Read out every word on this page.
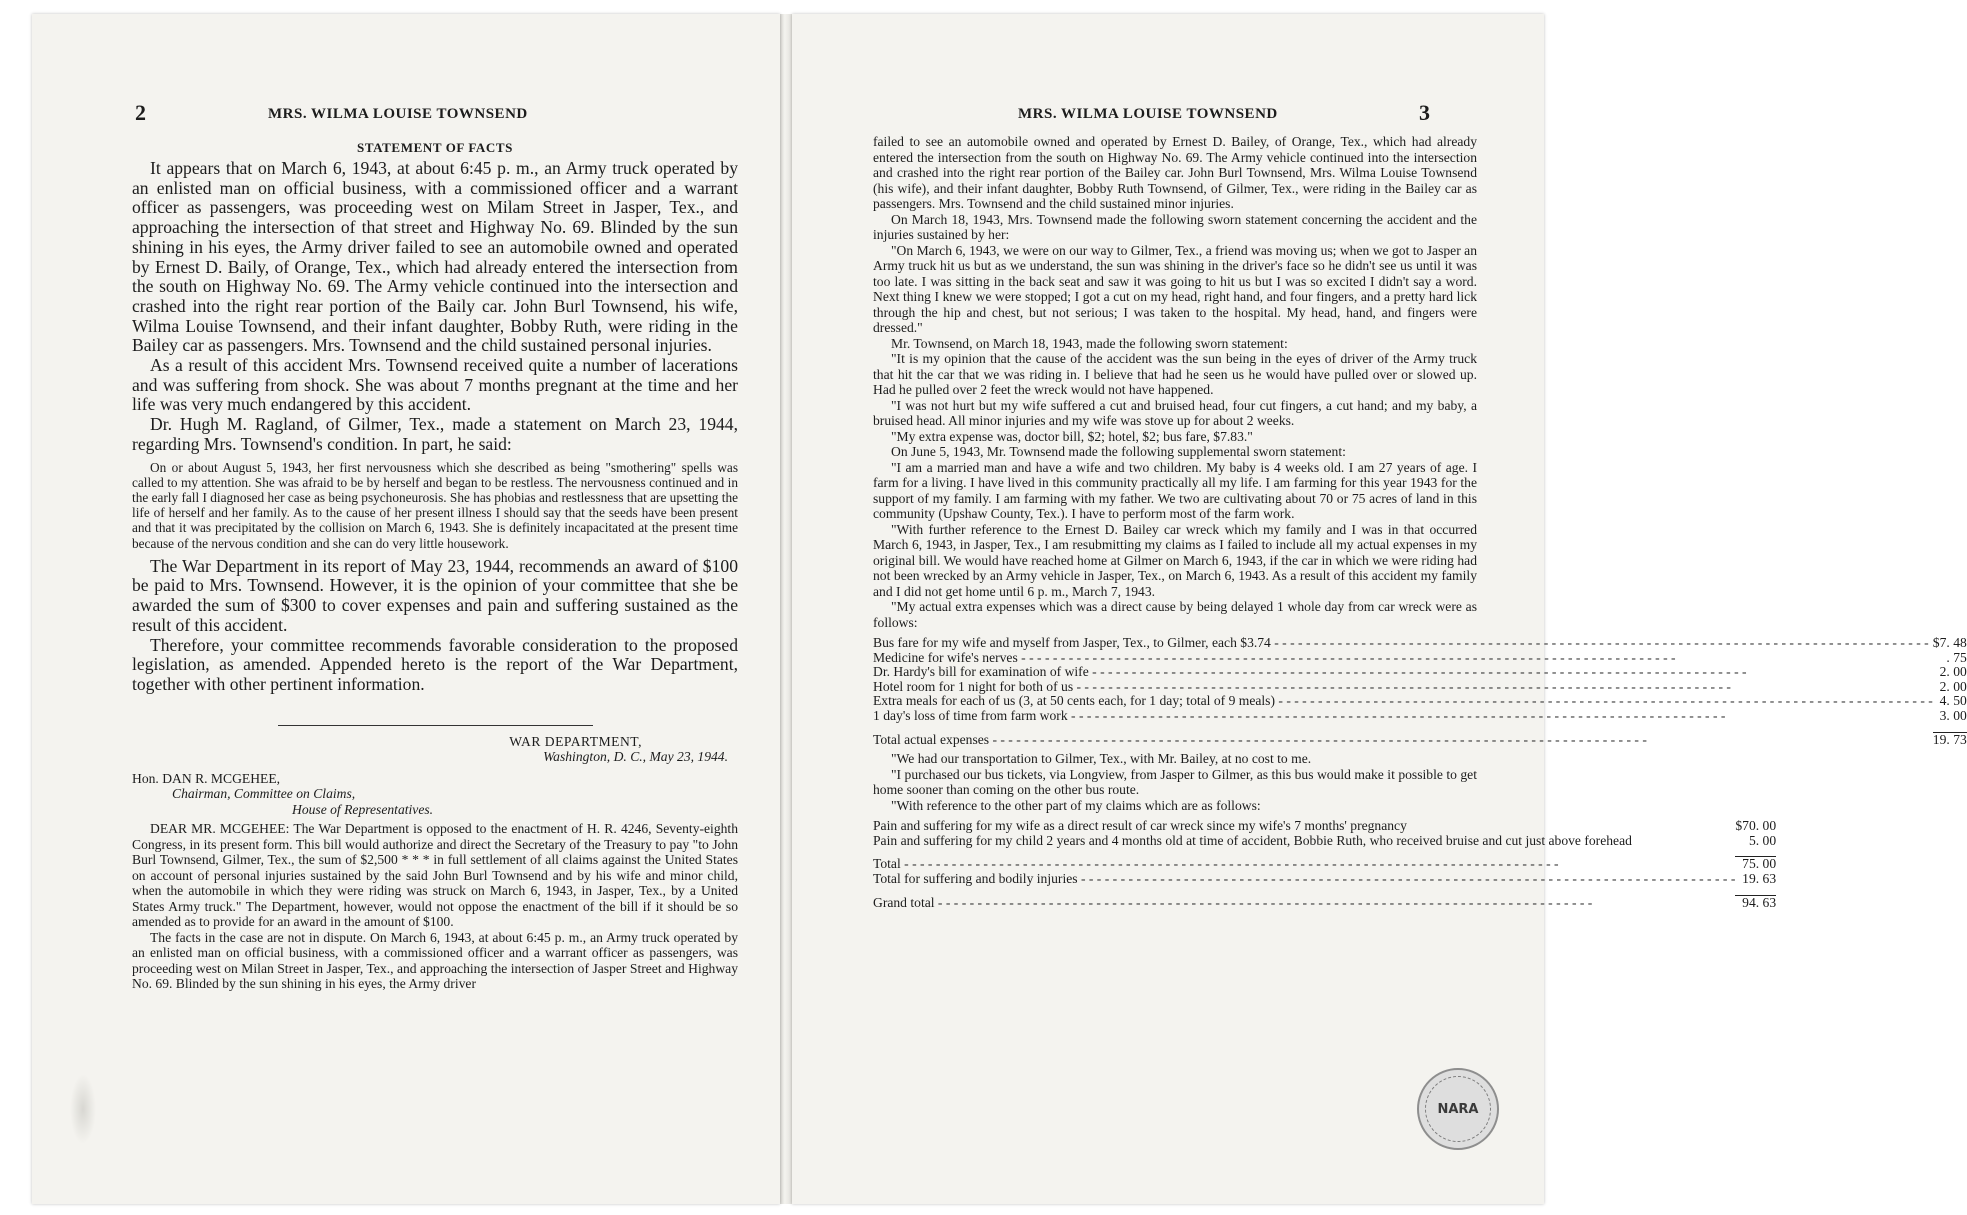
2	MRS. WILMA LOUISE TOWNSEND
STATEMENT OF FACTS

It appears that on March 6, 1943, at about 6:45 p. m., an Army truck operated by an enlisted man on official business, with a commissioned officer and a warrant officer as passengers, was proceeding west on Milam Street in Jasper, Tex., and approaching the intersection of that street and Highway No. 69. Blinded by the sun shining in his eyes, the Army driver failed to see an automobile owned and operated by Ernest D. Baily, of Orange, Tex., which had already entered the intersection from the south on Highway No. 69. The Army vehicle continued into the intersection and crashed into the right rear portion of the Baily car. John Burl Townsend, his wife, Wilma Louise Townsend, and their infant daughter, Bobby Ruth, were riding in the Bailey car as passengers. Mrs. Townsend and the child sustained personal injuries.

As a result of this accident Mrs. Townsend received quite a number of lacerations and was suffering from shock. She was about 7 months pregnant at the time and her life was very much endangered by this accident.

Dr. Hugh M. Ragland, of Gilmer, Tex., made a statement on March 23, 1944, regarding Mrs. Townsend's condition. In part, he said:

On or about August 5, 1943, her first nervousness which she described as being "smothering" spells was called to my attention. She was afraid to be by herself and began to be restless. The nervousness continued and in the early fall I diagnosed her case as being psychoneurosis. She has phobias and restlessness that are upsetting the life of herself and her family. As to the cause of her present illness I should say that the seeds have been present and that it was precipitated by the collision on March 6, 1943. She is definitely incapacitated at the present time because of the nervous condition and she can do very little housework.

The War Department in its report of May 23, 1944, recommends an award of $100 be paid to Mrs. Townsend. However, it is the opinion of your committee that she be awarded the sum of $300 to cover expenses and pain and suffering sustained as the result of this accident.

Therefore, your committee recommends favorable consideration to the proposed legislation, as amended. Appended hereto is the report of the War Department, together with other pertinent information.

WAR DEPARTMENT,
Washington, D. C., May 23, 1944.
Hon. DAN R. MCGEHEE,
Chairman, Committee on Claims,
House of Representatives.

DEAR MR. MCGEHEE: The War Department is opposed to the enactment of H. R. 4246, Seventy-eighth Congress, in its present form. This bill would authorize and direct the Secretary of the Treasury to pay "to John Burl Townsend, Gilmer, Tex., the sum of $2,500 * * * in full settlement of all claims against the United States on account of personal injuries sustained by the said John Burl Townsend and by his wife and minor child, when the automobile in which they were riding was struck on March 6, 1943, in Jasper, Tex., by a United States Army truck." The Department, however, would not oppose the enactment of the bill if it should be so amended as to provide for an award in the amount of $100.

The facts in the case are not in dispute. On March 6, 1943, at about 6:45 p. m., an Army truck operated by an enlisted man on official business, with a commissioned officer and a warrant officer as passengers, was proceeding west on Milan Street in Jasper, Tex., and approaching the intersection of Jasper Street and Highway No. 69. Blinded by the sun shining in his eyes, the Army driver

MRS. WILMA LOUISE TOWNSEND	3

failed to see an automobile owned and operated by Ernest D. Bailey, of Orange, Tex., which had already entered the intersection from the south on Highway No. 69. The Army vehicle continued into the intersection and crashed into the right rear portion of the Bailey car. John Burl Townsend, Mrs. Wilma Louise Townsend (his wife), and their infant daughter, Bobby Ruth Townsend, of Gilmer, Tex., were riding in the Bailey car as passengers. Mrs. Townsend and the child sustained minor injuries.

On March 18, 1943, Mrs. Townsend made the following sworn statement concerning the accident and the injuries sustained by her:

"On March 6, 1943, we were on our way to Gilmer, Tex., a friend was moving us; when we got to Jasper an Army truck hit us but as we understand, the sun was shining in the driver's face so he didn't see us until it was too late. I was sitting in the back seat and saw it was going to hit us but I was so excited I didn't say a word. Next thing I knew we were stopped; I got a cut on my head, right hand, and four fingers, and a pretty hard lick through the hip and chest, but not serious; I was taken to the hospital. My head, hand, and fingers were dressed."

Mr. Townsend, on March 18, 1943, made the following sworn statement:

"It is my opinion that the cause of the accident was the sun being in the eyes of driver of the Army truck that hit the car that we was riding in. I believe that had he seen us he would have pulled over or slowed up. Had he pulled over 2 feet the wreck would not have happened.

"I was not hurt but my wife suffered a cut and bruised head, four cut fingers, a cut hand; and my baby, a bruised head. All minor injuries and my wife was stove up for about 2 weeks.

"My extra expense was, doctor bill, $2; hotel, $2; bus fare, $7.83."

On June 5, 1943, Mr. Townsend made the following supplemental sworn statement:

"I am a married man and have a wife and two children. My baby is 4 weeks old. I am 27 years of age. I farm for a living. I have lived in this community practically all my life. I am farming for this year 1943 for the support of my family. I am farming with my father. We two are cultivating about 70 or 75 acres of land in this community (Upshaw County, Tex.). I have to perform most of the farm work.

"With further reference to the Ernest D. Bailey car wreck which my family and I was in that occurred March 6, 1943, in Jasper, Tex., I am resubmitting my claims as I failed to include all my actual expenses in my original bill. We would have reached home at Gilmer on March 6, 1943, if the car in which we were riding had not been wrecked by an Army vehicle in Jasper, Tex., on March 6, 1943. As a result of this accident my family and I did not get home until 6 p. m., March 7, 1943.

"My actual extra expenses which was a direct cause by being delayed 1 whole day from car wreck were as follows:

Bus fare for my wife and myself from Jasper, Tex., to Gilmer, each $3.74 - - -	$7. 48
Medicine for wife's nerves - - -	. 75
Dr. Hardy's bill for examination of wife - - -	2. 00
Hotel room for 1 night for both of us - - -	2. 00
Extra meals for each of us (3, at 50 cents each, for 1 day; total of 9 meals) - - -	4. 50
1 day's loss of time from farm work - - -	3. 00

Total actual expenses - - -	19. 73

"We had our transportation to Gilmer, Tex., with Mr. Bailey, at no cost to me.

"I purchased our bus tickets, via Longview, from Jasper to Gilmer, as this bus would make it possible to get home sooner than coming on the other bus route.

"With reference to the other part of my claims which are as follows:

Pain and suffering for my wife as a direct result of car wreck since my wife's 7 months' pregnancy	$70. 00
Pain and suffering for my child 2 years and 4 months old at time of accident, Bobbie Ruth, who received bruise and cut just above forehead	5. 00

Total - - -	75. 00
Total for suffering and bodily injuries - - -	19. 63

Grand total - - -	94. 63
NARA
